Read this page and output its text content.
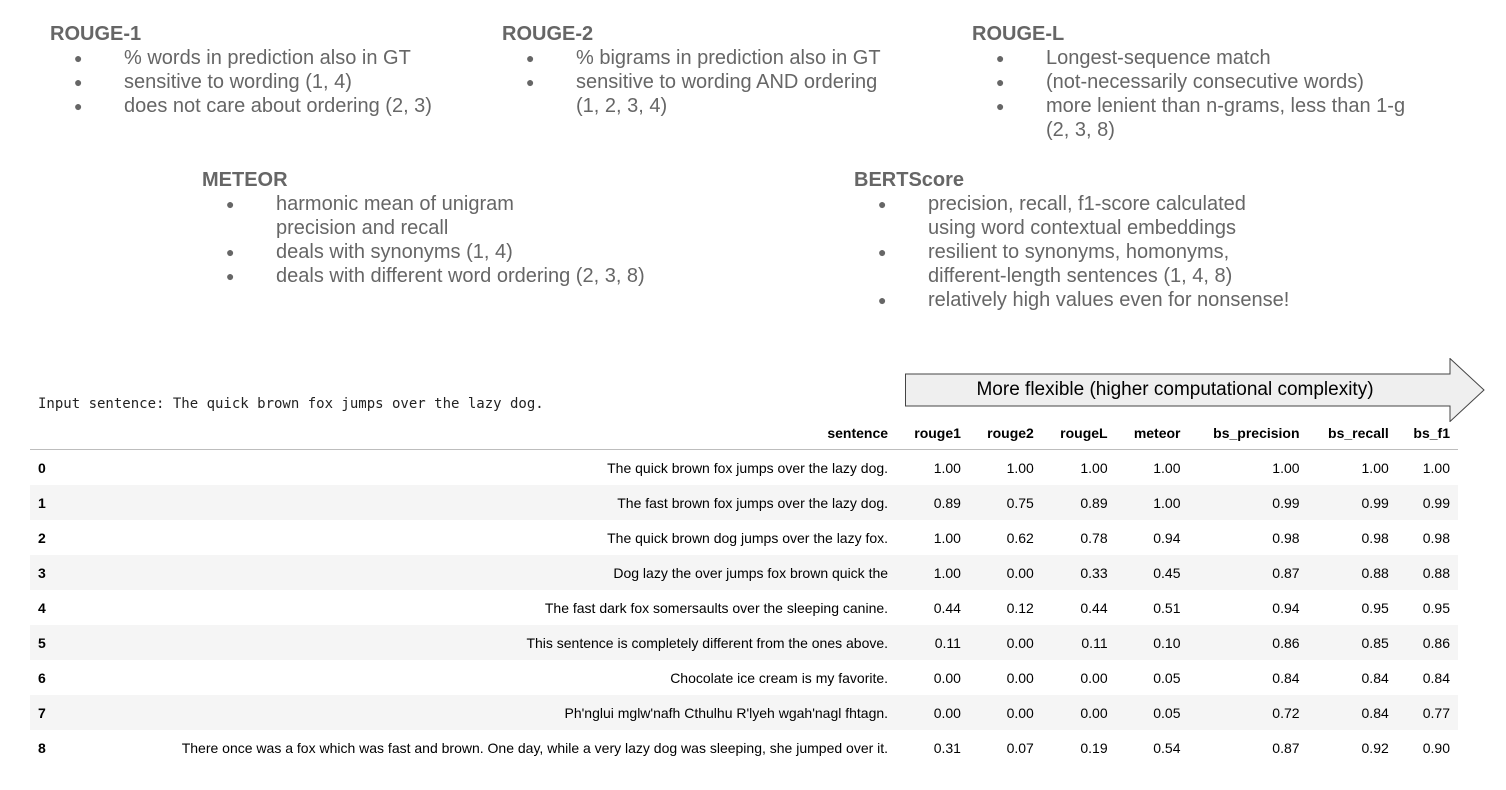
ROUGE-1
● % words in prediction also in GT
● sensitive to wording (1, 4)
● does not care about ordering (2, 3)
ROUGE-2
● % bigrams in prediction also in GT
● sensitive to wording AND ordering
(1, 2, 3, 4)
ROUGE-L
● Longest-sequence match
● (not-necessarily consecutive words)
● more lenient than n-grams, less than 1-g
(2, 3, 8)
METEOR
● harmonic mean of unigram
precision and recall
● deals with synonyms (1, 4)
● deals with different word ordering (2, 3, 8)
BERTScore
● precision, recall, f1-score calculated
using word contextual embeddings
● resilient to synonyms, homonyms,
different-length sentences (1, 4, 8)
● relatively high values even for nonsense!
Input sentence: The quick brown fox jumps over the lazy dog.
More flexible (higher computational complexity)
	sentence	rouge1	rouge2	rougeL	meteor	bs_precision	bs_recall	bs_f1
0	The quick brown fox jumps over the lazy dog.	1.00	1.00	1.00	1.00	1.00	1.00	1.00
1	The fast brown fox jumps over the lazy dog.	0.89	0.75	0.89	1.00	0.99	0.99	0.99
2	The quick brown dog jumps over the lazy fox.	1.00	0.62	0.78	0.94	0.98	0.98	0.98
3	Dog lazy the over jumps fox brown quick the	1.00	0.00	0.33	0.45	0.87	0.88	0.88
4	The fast dark fox somersaults over the sleeping canine.	0.44	0.12	0.44	0.51	0.94	0.95	0.95
5	This sentence is completely different from the ones above.	0.11	0.00	0.11	0.10	0.86	0.85	0.86
6	Chocolate ice cream is my favorite.	0.00	0.00	0.00	0.05	0.84	0.84	0.84
7	Ph'nglui mglw'nafh Cthulhu R'lyeh wgah'nagl fhtagn.	0.00	0.00	0.00	0.05	0.72	0.84	0.77
8	There once was a fox which was fast and brown. One day, while a very lazy dog was sleeping, she jumped over it.	0.31	0.07	0.19	0.54	0.87	0.92	0.90
